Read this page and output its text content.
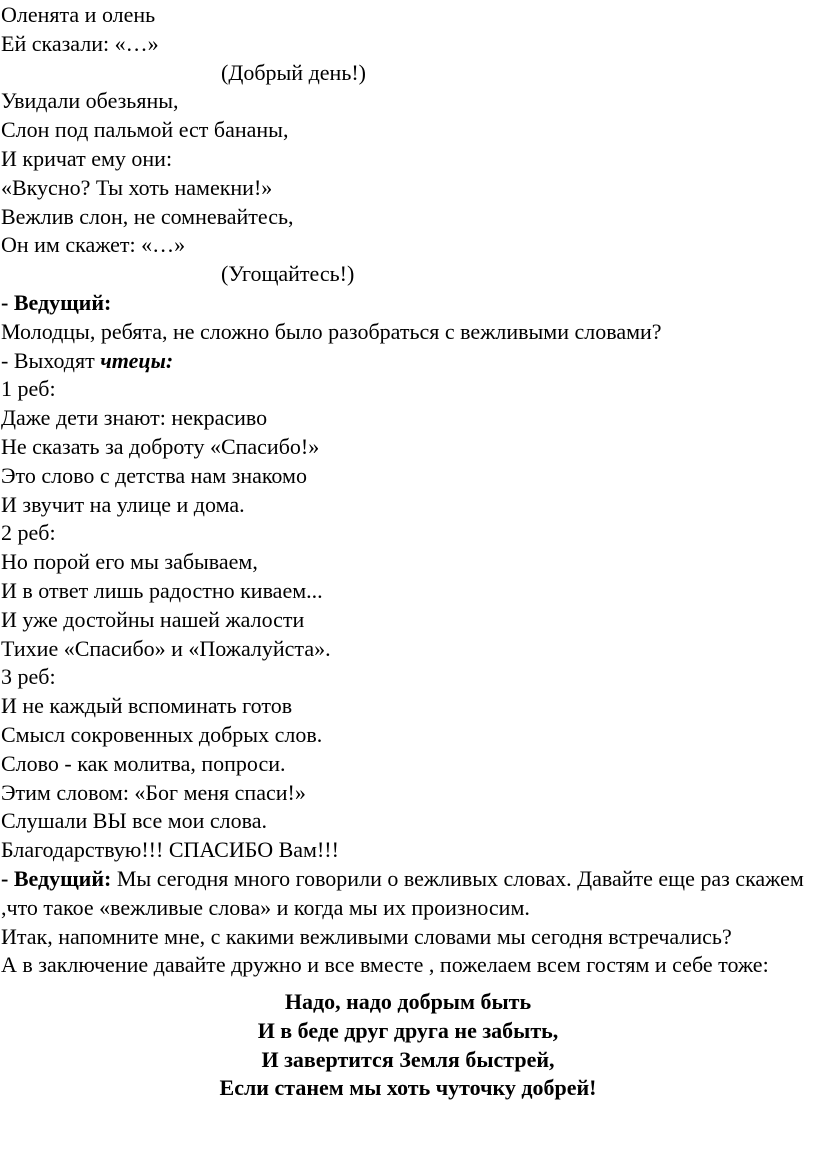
Оленята и олень
Ей сказали: «…»
(Добрый день!)
Увидали обезьяны,
Слон под пальмой ест бананы,
И кричат ему они:
«Вкусно? Ты хоть намекни!»
Вежлив слон, не сомневайтесь,
Он им скажет: «…»
(Угощайтесь!)
- Ведущий:
Молодцы, ребята, не сложно было разобраться с вежливыми словами?
- Выходят чтецы:
1 реб:
Даже дети знают: некрасиво
Не сказать за доброту «Спасибо!»
Это слово с детства нам знакомо
И звучит на улице и дома.
2 реб:
Но порой его мы забываем,
И в ответ лишь радостно киваем...
И уже достойны нашей жалости
Тихие «Спасибо» и «Пожалуйста».
3 реб:
И не каждый вспоминать готов
Смысл сокровенных добрых слов.
Слово - как молитва, попроси.
Этим словом: «Бог меня спаси!»
Слушали ВЫ все мои слова.
Благодарствую!!! СПАСИБО Вам!!!

- Ведущий: Мы сегодня много говорили о вежливых словах. Давайте еще раз скажем ,что такое «вежливые слова» и когда мы их произносим.

Итак, напомните мне, с какими вежливыми словами мы сегодня встречались?

А в заключение давайте дружно и все вместе , пожелаем всем гостям и себе тоже:

Надо, надо добрым быть
И в беде друг друга не забыть,
И завертится Земля быстрей,
Если станем мы хоть чуточку добрей!
